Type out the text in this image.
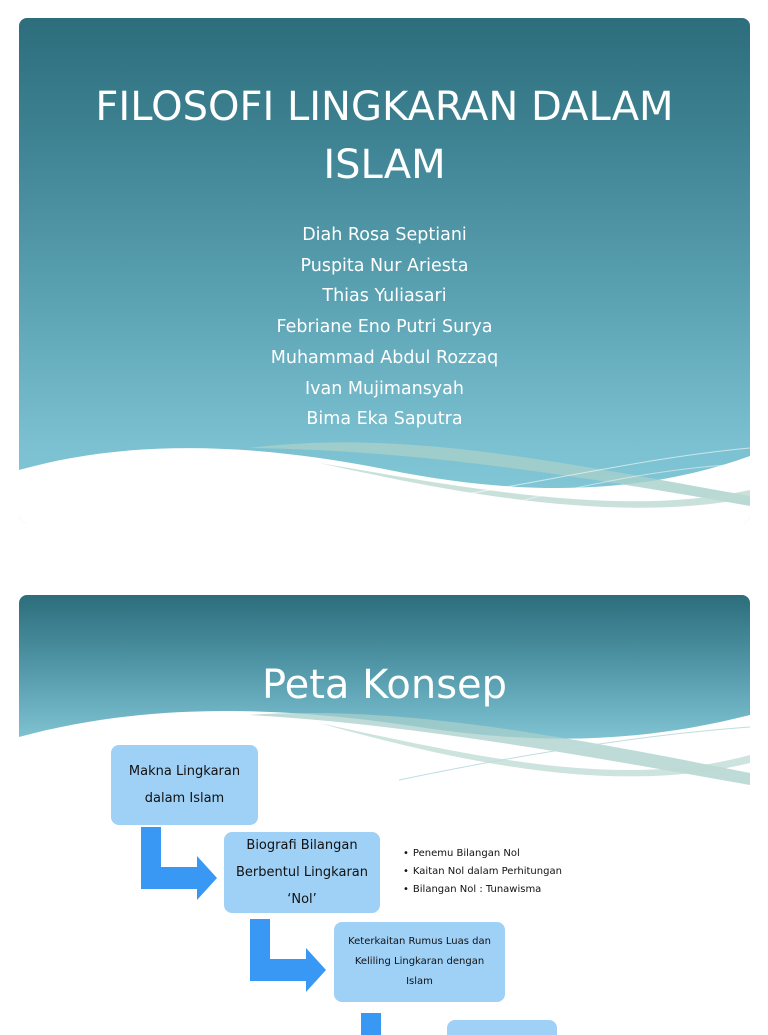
FILOSOFI LINGKARAN DALAM
ISLAM
Diah Rosa Septiani
Puspita Nur Ariesta
Thias Yuliasari
Febriane Eno Putri Surya
Muhammad Abdul Rozzaq
Ivan Mujimansyah
Bima Eka Saputra
Peta Konsep
Makna Lingkaran
dalam Islam
Biografi Bilangan
Berbentul Lingkaran
‘Nol’
• Penemu Bilangan Nol
• Kaitan Nol dalam Perhitungan
• Bilangan Nol : Tunawisma
Keterkaitan Rumus Luas dan
Keliling Lingkaran dengan Islam
